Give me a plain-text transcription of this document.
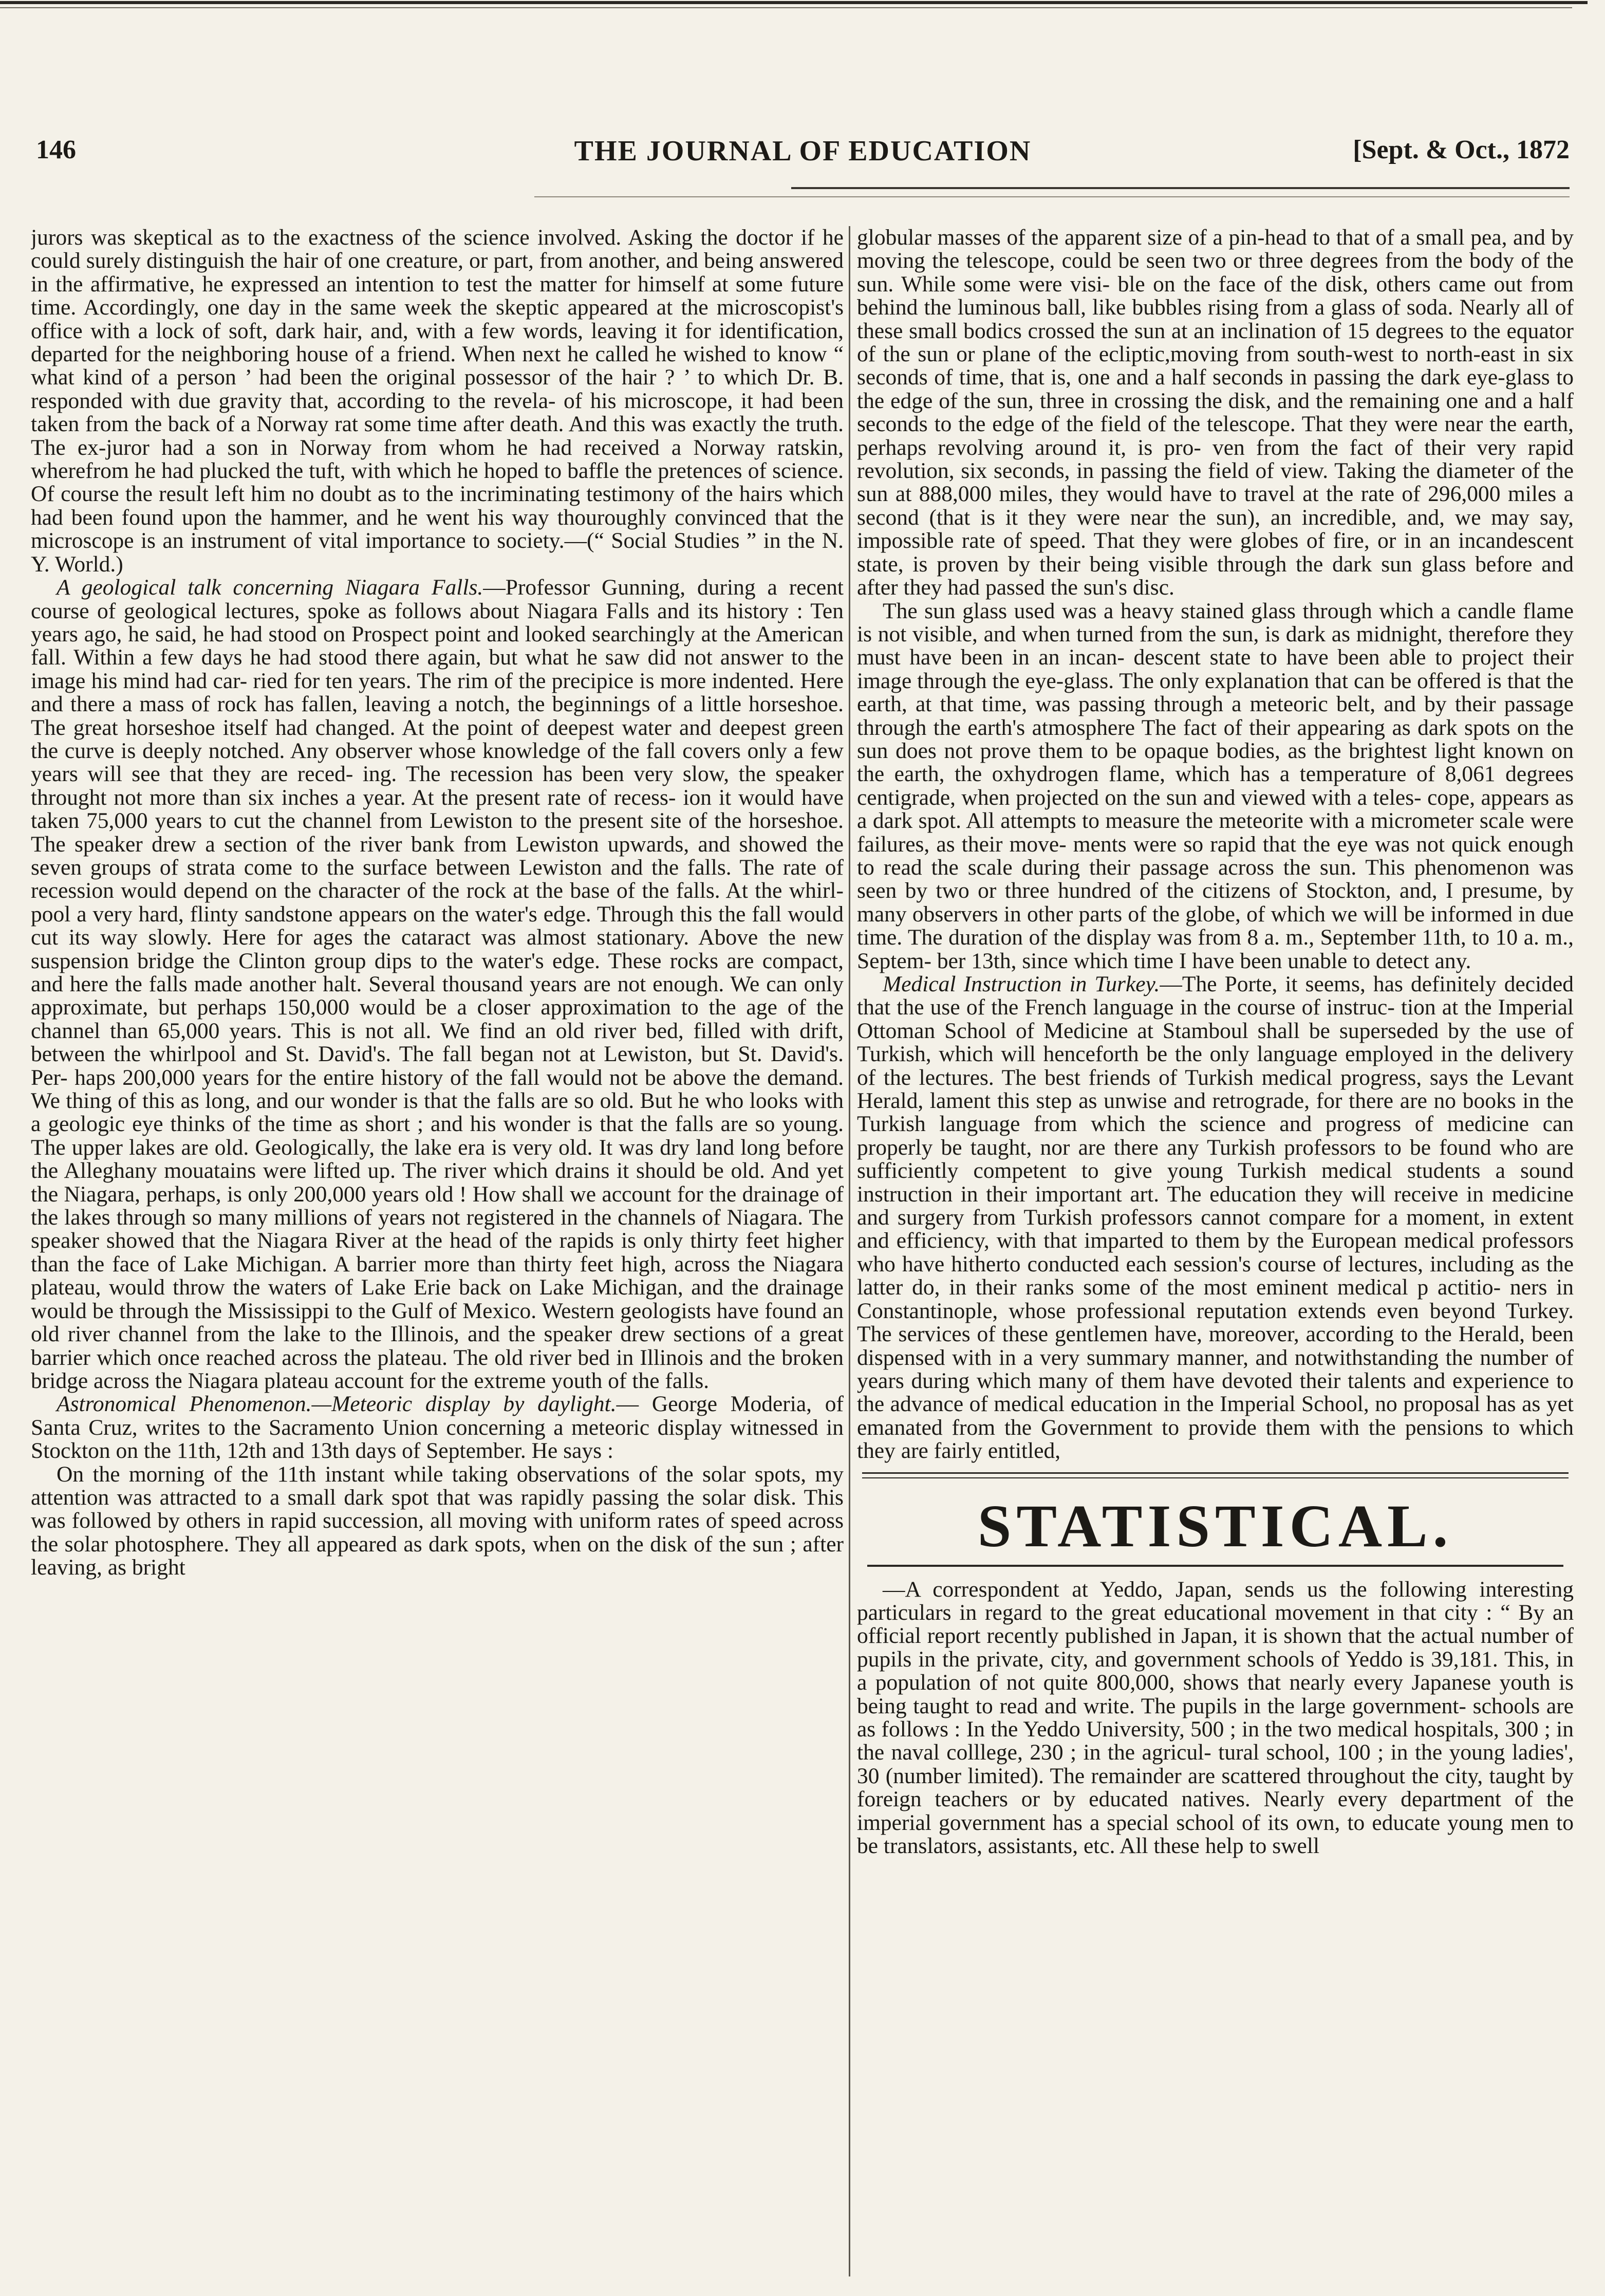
146	THE JOURNAL OF EDUCATION	[Sept. & Oct., 1872

jurors was skeptical as to the exactness of the science involved. Asking the doctor if he could surely distinguish the hair of one creature, or part, from another, and being answered in the affirmative, he expressed an intention to test the matter for himself at some future time. Accordingly, one day in the same week the skeptic appeared at the microscopist's office with a lock of soft, dark hair, and, with a few words, leaving it for identification, departed for the neighboring house of a friend. When next he called he wished to know “ what kind of a person ’ had been the original possessor of the hair ? ’ to which Dr. B. responded with due gravity that, according to the revela- of his microscope, it had been taken from the back of a Norway rat some time after death. And this was exactly the truth. The ex-juror had a son in Norway from whom he had received a Norway ratskin, wherefrom he had plucked the tuft, with which he hoped to baffle the pretences of science. Of course the result left him no doubt as to the incriminating testimony of the hairs which had been found upon the hammer, and he went his way thouroughly convinced that the microscope is an instrument of vital importance to society.—(“ Social Studies ” in the N. Y. World.)

A geological talk concerning Niagara Falls.—Professor Gunning, during a recent course of geological lectures, spoke as follows about Niagara Falls and its history : Ten years ago, he said, he had stood on Prospect point and looked searchingly at the American fall. Within a few days he had stood there again, but what he saw did not answer to the image his mind had car- ried for ten years. The rim of the precipice is more indented. Here and there a mass of rock has fallen, leaving a notch, the beginnings of a little horseshoe. The great horseshoe itself had changed. At the point of deepest water and deepest green the curve is deeply notched. Any observer whose knowledge of the fall covers only a few years will see that they are reced- ing. The recession has been very slow, the speaker throught not more than six inches a year. At the present rate of recess- ion it would have taken 75,000 years to cut the channel from Lewiston to the present site of the horseshoe. The speaker drew a section of the river bank from Lewiston upwards, and showed the seven groups of strata come to the surface between Lewiston and the falls. The rate of recession would depend on the character of the rock at the base of the falls. At the whirl- pool a very hard, flinty sandstone appears on the water's edge. Through this the fall would cut its way slowly. Here for ages the cataract was almost stationary. Above the new suspension bridge the Clinton group dips to the water's edge. These rocks are compact, and here the falls made another halt. Several thousand years are not enough. We can only approximate, but perhaps 150,000 would be a closer approximation to the age of the channel than 65,000 years. This is not all. We find an old river bed, filled with drift, between the whirlpool and St. David's. The fall began not at Lewiston, but St. David's. Per- haps 200,000 years for the entire history of the fall would not be above the demand. We thing of this as long, and our wonder is that the falls are so old. But he who looks with a geologic eye thinks of the time as short ; and his wonder is that the falls are so young. The upper lakes are old. Geologically, the lake era is very old. It was dry land long before the Alleghany mouatains were lifted up. The river which drains it should be old. And yet the Niagara, perhaps, is only 200,000 years old ! How shall we account for the drainage of the lakes through so many millions of years not registered in the channels of Niagara. The speaker showed that the Niagara River at the head of the rapids is only thirty feet higher than the face of Lake Michigan. A barrier more than thirty feet high, across the Niagara plateau, would throw the waters of Lake Erie back on Lake Michigan, and the drainage would be through the Mississippi to the Gulf of Mexico. Western geologists have found an old river channel from the lake to the Illinois, and the speaker drew sections of a great barrier which once reached across the plateau. The old river bed in Illinois and the broken bridge across the Niagara plateau account for the extreme youth of the falls.

Astronomical Phenomenon.—Meteoric display by daylight.— George Moderia, of Santa Cruz, writes to the Sacramento Union concerning a meteoric display witnessed in Stockton on the 11th, 12th and 13th days of September. He says :

On the morning of the 11th instant while taking observations of the solar spots, my attention was attracted to a small dark spot that was rapidly passing the solar disk. This was followed by others in rapid succession, all moving with uniform rates of speed across the solar photosphere. They all appeared as dark spots, when on the disk of the sun ; after leaving, as bright

globular masses of the apparent size of a pin-head to that of a small pea, and by moving the telescope, could be seen two or three degrees from the body of the sun. While some were visi- ble on the face of the disk, others came out from behind the luminous ball, like bubbles rising from a glass of soda. Nearly all of these small bodics crossed the sun at an inclination of 15 degrees to the equator of the sun or plane of the ecliptic,moving from south-west to north-east in six seconds of time, that is, one and a half seconds in passing the dark eye-glass to the edge of the sun, three in crossing the disk, and the remaining one and a half seconds to the edge of the field of the telescope. That they were near the earth, perhaps revolving around it, is pro- ven from the fact of their very rapid revolution, six seconds, in passing the field of view. Taking the diameter of the sun at 888,000 miles, they would have to travel at the rate of 296,000 miles a second (that is it they were near the sun), an incredible, and, we may say, impossible rate of speed. That they were globes of fire, or in an incandescent state, is proven by their being visible through the dark sun glass before and after they had passed the sun's disc.

The sun glass used was a heavy stained glass through which a candle flame is not visible, and when turned from the sun, is dark as midnight, therefore they must have been in an incan- descent state to have been able to project their image through the eye-glass. The only explanation that can be offered is that the earth, at that time, was passing through a meteoric belt, and by their passage through the earth's atmosphere The fact of their appearing as dark spots on the sun does not prove them to be opaque bodies, as the brightest light known on the earth, the oxhydrogen flame, which has a temperature of 8,061 degrees centigrade, when projected on the sun and viewed with a teles- cope, appears as a dark spot. All attempts to measure the meteorite with a micrometer scale were failures, as their move- ments were so rapid that the eye was not quick enough to read the scale during their passage across the sun. This phenomenon was seen by two or three hundred of the citizens of Stockton, and, I presume, by many observers in other parts of the globe, of which we will be informed in due time. The duration of the display was from 8 a. m., September 11th, to 10 a. m., Septem- ber 13th, since which time I have been unable to detect any.

Medical Instruction in Turkey.—The Porte, it seems, has definitely decided that the use of the French language in the course of instruc- tion at the Imperial Ottoman School of Medicine at Stamboul shall be superseded by the use of Turkish, which will henceforth be the only language employed in the delivery of the lectures. The best friends of Turkish medical progress, says the Levant Herald, lament this step as unwise and retrograde, for there are no books in the Turkish language from which the science and progress of medicine can properly be taught, nor are there any Turkish professors to be found who are sufficiently competent to give young Turkish medical students a sound instruction in their important art. The education they will receive in medicine and surgery from Turkish professors cannot compare for a moment, in extent and efficiency, with that imparted to them by the European medical professors who have hitherto conducted each session's course of lectures, including as the latter do, in their ranks some of the most eminent medical p actitio- ners in Constantinople, whose professional reputation extends even beyond Turkey. The services of these gentlemen have, moreover, according to the Herald, been dispensed with in a very summary manner, and notwithstanding the number of years during which many of them have devoted their talents and experience to the advance of medical education in the Imperial School, no proposal has as yet emanated from the Government to provide them with the pensions to which they are fairly entitled,

STATISTICAL.

—A correspondent at Yeddo, Japan, sends us the following interesting particulars in regard to the great educational movement in that city : “ By an official report recently published in Japan, it is shown that the actual number of pupils in the private, city, and government schools of Yeddo is 39,181. This, in a population of not quite 800,000, shows that nearly every Japanese youth is being taught to read and write. The pupils in the large government- schools are as follows : In the Yeddo University, 500 ; in the two medical hospitals, 300 ; in the naval colllege, 230 ; in the agricul- tural school, 100 ; in the young ladies', 30 (number limited). The remainder are scattered throughout the city, taught by foreign teachers or by educated natives. Nearly every department of the imperial government has a special school of its own, to educate young men to be translators, assistants, etc. All these help to swell
